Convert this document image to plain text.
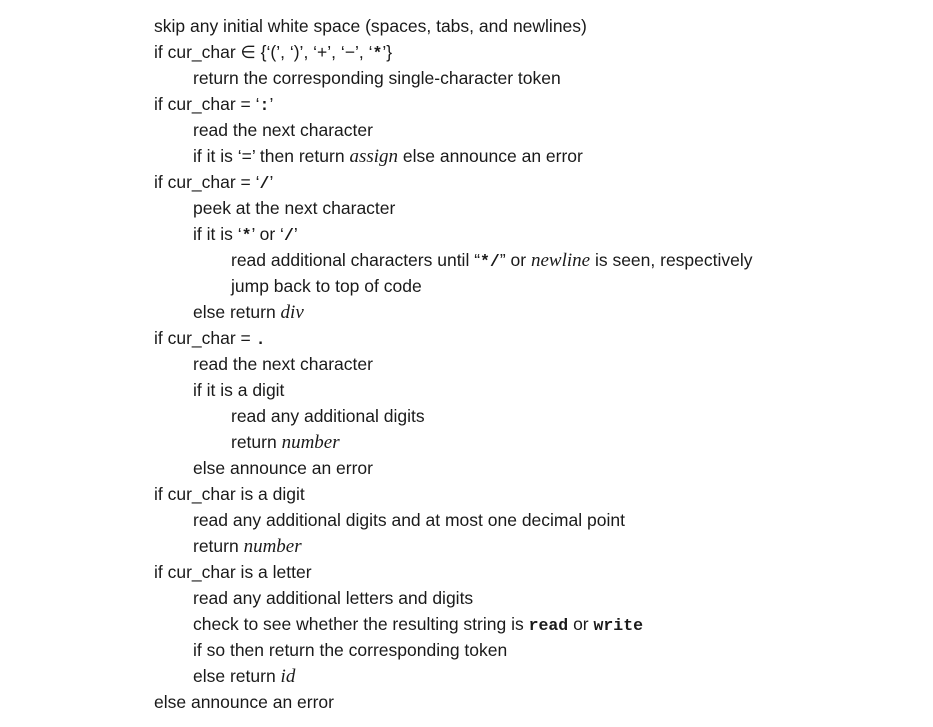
skip any initial white space (spaces, tabs, and newlines)
if cur_char ∈ {‘(’, ‘)’, ‘+’, ‘−’, ‘*’}
return the corresponding single-character token
if cur_char = ‘:’
read the next character
if it is ‘=’ then return assign else announce an error
if cur_char = ‘/’
peek at the next character
if it is ‘*’ or ‘/’
read additional characters until “*/” or newline is seen, respectively
jump back to top of code
else return div
if cur_char = .
read the next character
if it is a digit
read any additional digits
return number
else announce an error
if cur_char is a digit
read any additional digits and at most one decimal point
return number
if cur_char is a letter
read any additional letters and digits
check to see whether the resulting string is read or write
if so then return the corresponding token
else return id
else announce an error
